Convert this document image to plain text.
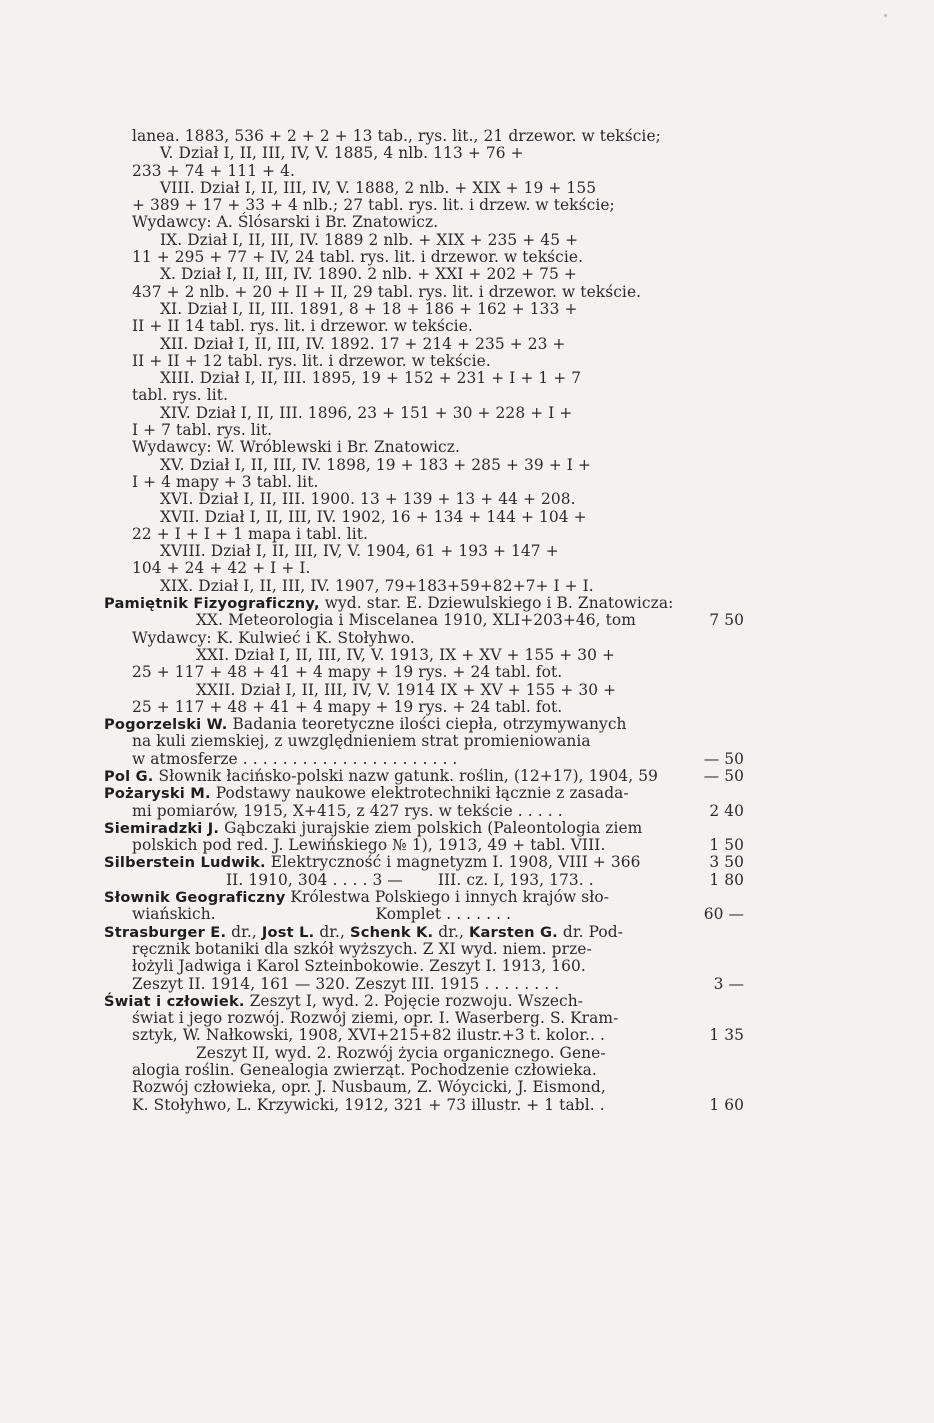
lanea. 1883, 536 + 2 + 2 + 13 tab., rys. lit., 21 drzewor. w tekście;
V. Dział I, II, III, IV, V. 1885, 4 nlb. 113 + 76 +
233 + 74 + 111 + 4.
VIII. Dział I, II, III, IV, V. 1888, 2 nlb. + XIX + 19 + 155
+ 389 + 17 + 33 + 4 nlb.; 27 tabl. rys. lit. i drzew. w tekście;
Wydawcy: A. Ślósarski i Br. Znatowicz.
IX. Dział I, II, III, IV. 1889 2 nlb. + XIX + 235 + 45 +
11 + 295 + 77 + IV, 24 tabl. rys. lit. i drzewor. w tekście.
X. Dział I, II, III, IV. 1890. 2 nlb. + XXI + 202 + 75 +
437 + 2 nlb. + 20 + II + II, 29 tabl. rys. lit. i drzewor. w tekście.
XI. Dział I, II, III. 1891, 8 + 18 + 186 + 162 + 133 +
II + II 14 tabl. rys. lit. i drzewor. w tekście.
XII. Dział I, II, III, IV. 1892. 17 + 214 + 235 + 23 +
II + II + 12 tabl. rys. lit. i drzewor. w tekście.
XIII. Dział I, II, III. 1895, 19 + 152 + 231 + I + 1 + 7
tabl. rys. lit.
XIV. Dział I, II, III. 1896, 23 + 151 + 30 + 228 + I +
I + 7 tabl. rys. lit.
Wydawcy: W. Wróblewski i Br. Znatowicz.
XV. Dział I, II, III, IV. 1898, 19 + 183 + 285 + 39 + I +
I + 4 mapy + 3 tabl. lit.
XVI. Dział I, II, III. 1900. 13 + 139 + 13 + 44 + 208.
XVII. Dział I, II, III, IV. 1902, 16 + 134 + 144 + 104 +
22 + I + I + 1 mapa i tabl. lit.
XVIII. Dział I, II, III, IV, V. 1904, 61 + 193 + 147 +
104 + 24 + 42 + I + I.
XIX. Dział I, II, III, IV. 1907, 79+183+59+82+7+ I + I.
Pamiętnik Fizyograficzny, wyd. star. E. Dziewulskiego i B. Znatowicza:
XX. Meteorologia i Miscelanea 1910, XLI+203+46, tom	7 50
Wydawcy: K. Kulwieć i K. Stołyhwo.
XXI. Dział I, II, III, IV, V. 1913, IX + XV + 155 + 30 +
25 + 117 + 48 + 41 + 4 mapy + 19 rys. + 24 tabl. fot.
XXII. Dział I, II, III, IV, V. 1914 IX + XV + 155 + 30 +
25 + 117 + 48 + 41 + 4 mapy + 19 rys. + 24 tabl. fot.
Pogorzelski W. Badania teoretyczne ilości ciepła, otrzymywanych
na kuli ziemskiej, z uwzględnieniem strat promieniowania
w atmosferze . . . . . . . . . . . . . . . . . . . . . .	— 50
Pol G. Słownik łacińsko-polski nazw gatunk. roślin, (12+17), 1904, 59	— 50
Pożaryski M. Podstawy naukowe elektrotechniki łącznie z zasada-
mi pomiarów, 1915, X+415, z 427 rys. w tekście . . . . .	2 40
Siemiradzki J. Gąbczaki jurajskie ziem polskich (Paleontologia ziem
polskich pod red. J. Lewińskiego № 1), 1913, 49 + tabl. VIII.	1 50
Silberstein Ludwik. Elektryczność i magnetyzm I. 1908, VIII + 366	3 50
II. 1910, 304 . . . . 3 —       III. cz. I, 193, 173. .	1 80
Słownik Geograficzny Królestwa Polskiego i innych krajów sło-
wiańskich.                                Komplet . . . . . . .	60 —
Strasburger E. dr., Jost L. dr., Schenk K. dr., Karsten G. dr. Pod-
ręcznik botaniki dla szkół wyższych. Z XI wyd. niem. prze-
łożyli Jadwiga i Karol Szteinbokowie. Zeszyt I. 1913, 160.
Zeszyt II. 1914, 161 — 320. Zeszyt III. 1915 . . . . . . . .	3 —
Świat i człowiek. Zeszyt I, wyd. 2. Pojęcie rozwoju. Wszech-
świat i jego rozwój. Rozwój ziemi, opr. I. Waserberg. S. Kram-
sztyk, W. Nałkowski, 1908, XVI+215+82 ilustr.+3 t. kolor.. .	1 35
Zeszyt II, wyd. 2. Rozwój życia organicznego. Gene-
alogia roślin. Genealogia zwierząt. Pochodzenie człowieka.
Rozwój człowieka, opr. J. Nusbaum, Z. Wóycicki, J. Eismond,
K. Stołyhwo, L. Krzywicki, 1912, 321 + 73 illustr. + 1 tabl. .	1 60
